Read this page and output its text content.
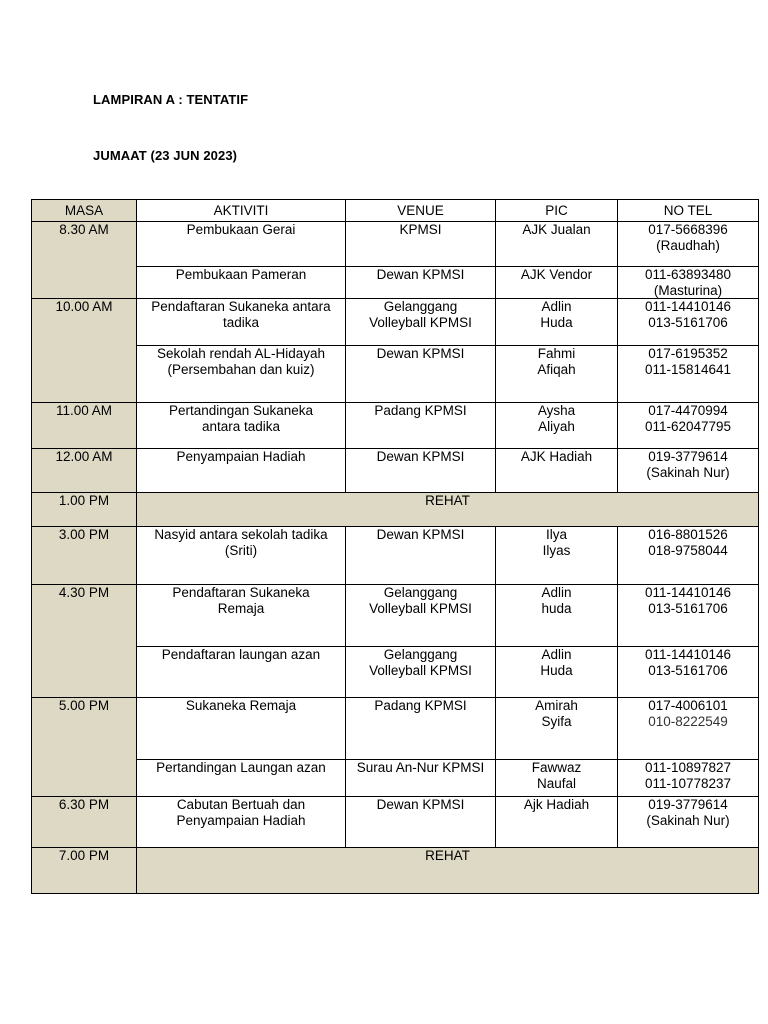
LAMPIRAN A : TENTATIF
JUMAAT (23 JUN 2023)
MASA	AKTIVITI	VENUE	PIC	NO TEL
8.30 AM	Pembukaan Gerai	KPMSI	AJK Jualan	017-5668396
(Raudhah)

	Pembukaan Pameran	Dewan KPMSI	AJK Vendor	011-63893480
(Masturina)

10.00 AM	Pendaftaran Sukaneka antara
tadika	Gelanggang
Volleyball KPMSI	Adlin
Huda	011-14410146
013-5161706

	Sekolah rendah AL-Hidayah
(Persembahan dan kuiz)	Dewan KPMSI	Fahmi
Afiqah	017-6195352
011-15814641

11.00 AM	Pertandingan Sukaneka
antara tadika	Padang KPMSI	Aysha
Aliyah	017-4470994
011-62047795

12.00 AM	Penyampaian Hadiah	Dewan KPMSI	AJK Hadiah	019-3779614
(Sakinah Nur)

1.00 PM	REHAT			
3.00 PM	Nasyid antara sekolah tadika
(Sriti)	Dewan KPMSI	Ilya
Ilyas	016-8801526
018-9758044

4.30 PM	Pendaftaran Sukaneka
Remaja	Gelanggang
Volleyball KPMSI	Adlin
huda	011-14410146
013-5161706

	Pendaftaran laungan azan	Gelanggang
Volleyball KPMSI	Adlin
Huda	011-14410146
013-5161706

5.00 PM	Sukaneka Remaja	Padang KPMSI	Amirah
Syifa	017-4006101
010-8222549

	Pertandingan Laungan azan	Surau An-Nur KPMSI	Fawwaz
Naufal	011-10897827
011-10778237

6.30 PM	Cabutan Bertuah dan
Penyampaian Hadiah	Dewan KPMSI	Ajk Hadiah	019-3779614
(Sakinah Nur)

7.00 PM	REHAT			
